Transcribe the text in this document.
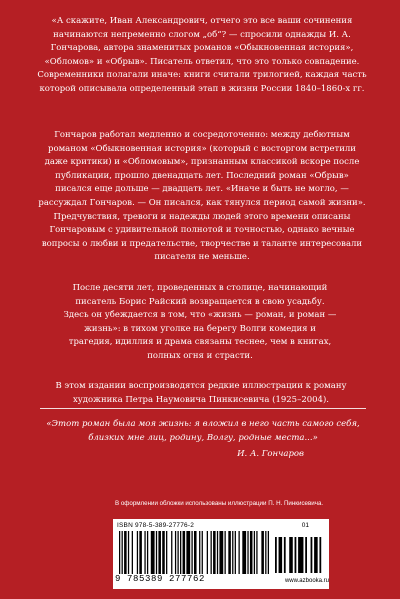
«А скажите, Иван Александрович, отчего это все ваши сочинения начинаются непременно слогом „об“? — спросили однажды И. А. Гончарова, автора знаменитых романов «Обыкновенная история», «Обломов» и «Обрыв». Писатель ответил, что это только совпадение. Современники полагали иначе: книги считали трилогией, каждая часть которой описывала определенный этап в жизни России 1840–1860-х гг.

Гончаров работал медленно и сосредоточенно: между дебютным романом «Обыкновенная история» (который с восторгом встретили даже критики) и «Обломовым», признанным классикой вскоре после публикации, прошло двенадцать лет. Последний роман «Обрыв» писался еще дольше — двадцать лет. «Иначе и быть не могло, — рассуждал Гончаров. — Он писался, как тянулся период самой жизни». Предчувствия, тревоги и надежды людей этого времени описаны Гончаровым с удивительной полнотой и точностью, однако вечные вопросы о любви и предательстве, творчестве и таланте интересовали писателя не меньше.

После десяти лет, проведенных в столице, начинающий писатель Борис Райский возвращается в свою усадьбу. Здесь он убеждается в том, что «жизнь — роман, и роман — жизнь»: в тихом уголке на берегу Волги комедия и трагедия, идиллия и драма связаны теснее, чем в книгах, полных огня и страсти.

В этом издании воспроизводятся редкие иллюстрации к роману художника Петра Наумовича Пинкисевича (1925–2004).

«Этот роман была моя жизнь: я вложил в него часть самого себя, близких мне лиц, родину, Волгу, родные места...»
И. А. Гончаров
В оформлении обложки использованы иллюстрации П. Н. Пинкисевича.
ISBN 978-5-389-27776-2	01
9 785389 277762	www.azbooka.ru
